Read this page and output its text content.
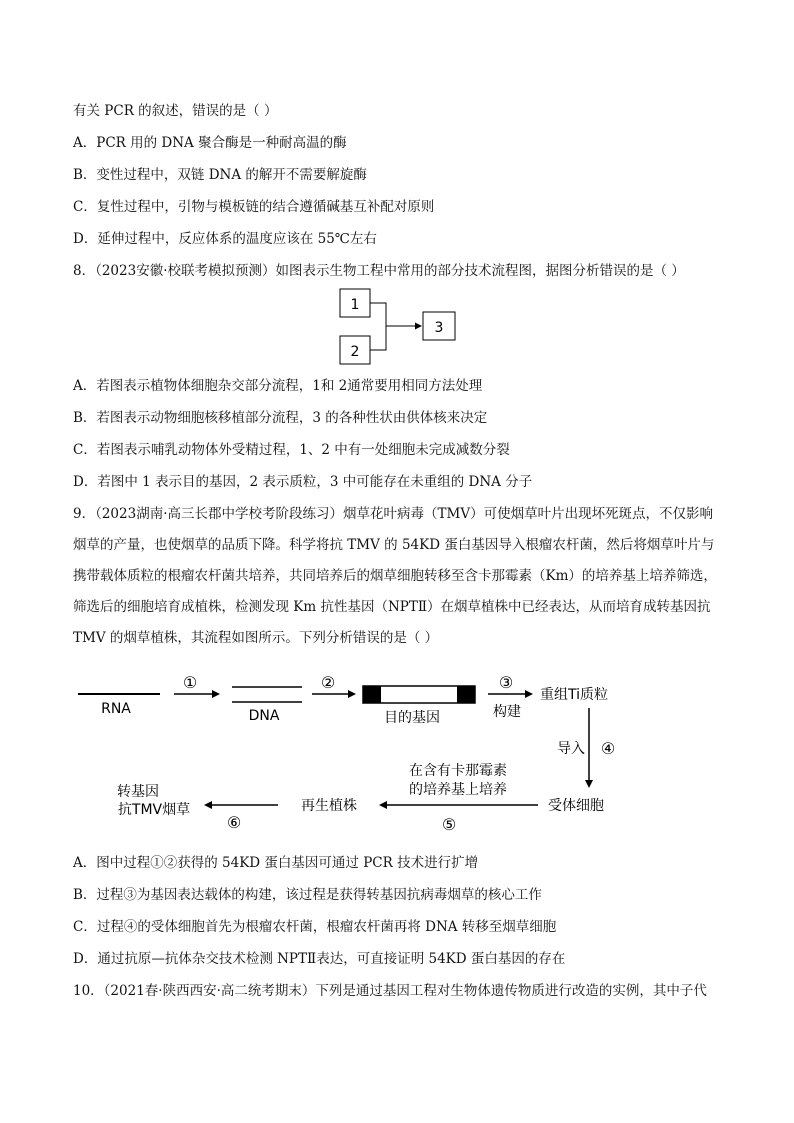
有关 PCR 的叙述，错误的是（ ）
A．PCR 用的 DNA 聚合酶是一种耐高温的酶
B．变性过程中，双链 DNA 的解开不需要解旋酶
C．复性过程中，引物与模板链的结合遵循碱基互补配对原则
D．延伸过程中，反应体系的温度应该在 55℃左右
8．（2023安徽·校联考模拟预测）如图表示生物工程中常用的部分技术流程图，据图分析错误的是（ ）
1
2
3
A．若图表示植物体细胞杂交部分流程，1和 2通常要用相同方法处理
B．若图表示动物细胞核移植部分流程，3 的各种性状由供体核来决定
C．若图表示哺乳动物体外受精过程，1、2 中有一处细胞未完成减数分裂
D．若图中 1 表示目的基因，2 表示质粒，3 中可能存在未重组的 DNA 分子
9．（2023湖南·高三长郡中学校考阶段练习）烟草花叶病毒（TMV）可使烟草叶片出现坏死斑点，不仅影响
烟草的产量，也使烟草的品质下降。科学将抗 TMV 的 54KD 蛋白基因导入根瘤农杆菌，然后将烟草叶片与
携带载体质粒的根瘤农杆菌共培养，共同培养后的烟草细胞转移至含卡那霉素（Km）的培养基上培养筛选，
筛选后的细胞培育成植株，检测发现 Km 抗性基因（NPTⅡ）在烟草植株中已经表达，从而培育成转基因抗
TMV 的烟草植株，其流程如图所示。下列分析错误的是（ ）
RNA
①
DNA
②
目的基因
③
构建
重组Ti质粒
导入 ④
受体细胞
在含有卡那霉素
的培养基上培养
⑤
再生植株
⑥
转基因
抗TMV烟草
A．图中过程①②获得的 54KD 蛋白基因可通过 PCR 技术进行扩增
B．过程③为基因表达载体的构建，该过程是获得转基因抗病毒烟草的核心工作
C．过程④的受体细胞首先为根瘤农杆菌，根瘤农杆菌再将 DNA 转移至烟草细胞
D．通过抗原—抗体杂交技术检测 NPTⅡ表达，可直接证明 54KD 蛋白基因的存在
10．（2021春·陕西西安·高二统考期末）下列是通过基因工程对生物体遗传物质进行改造的实例，其中子代
